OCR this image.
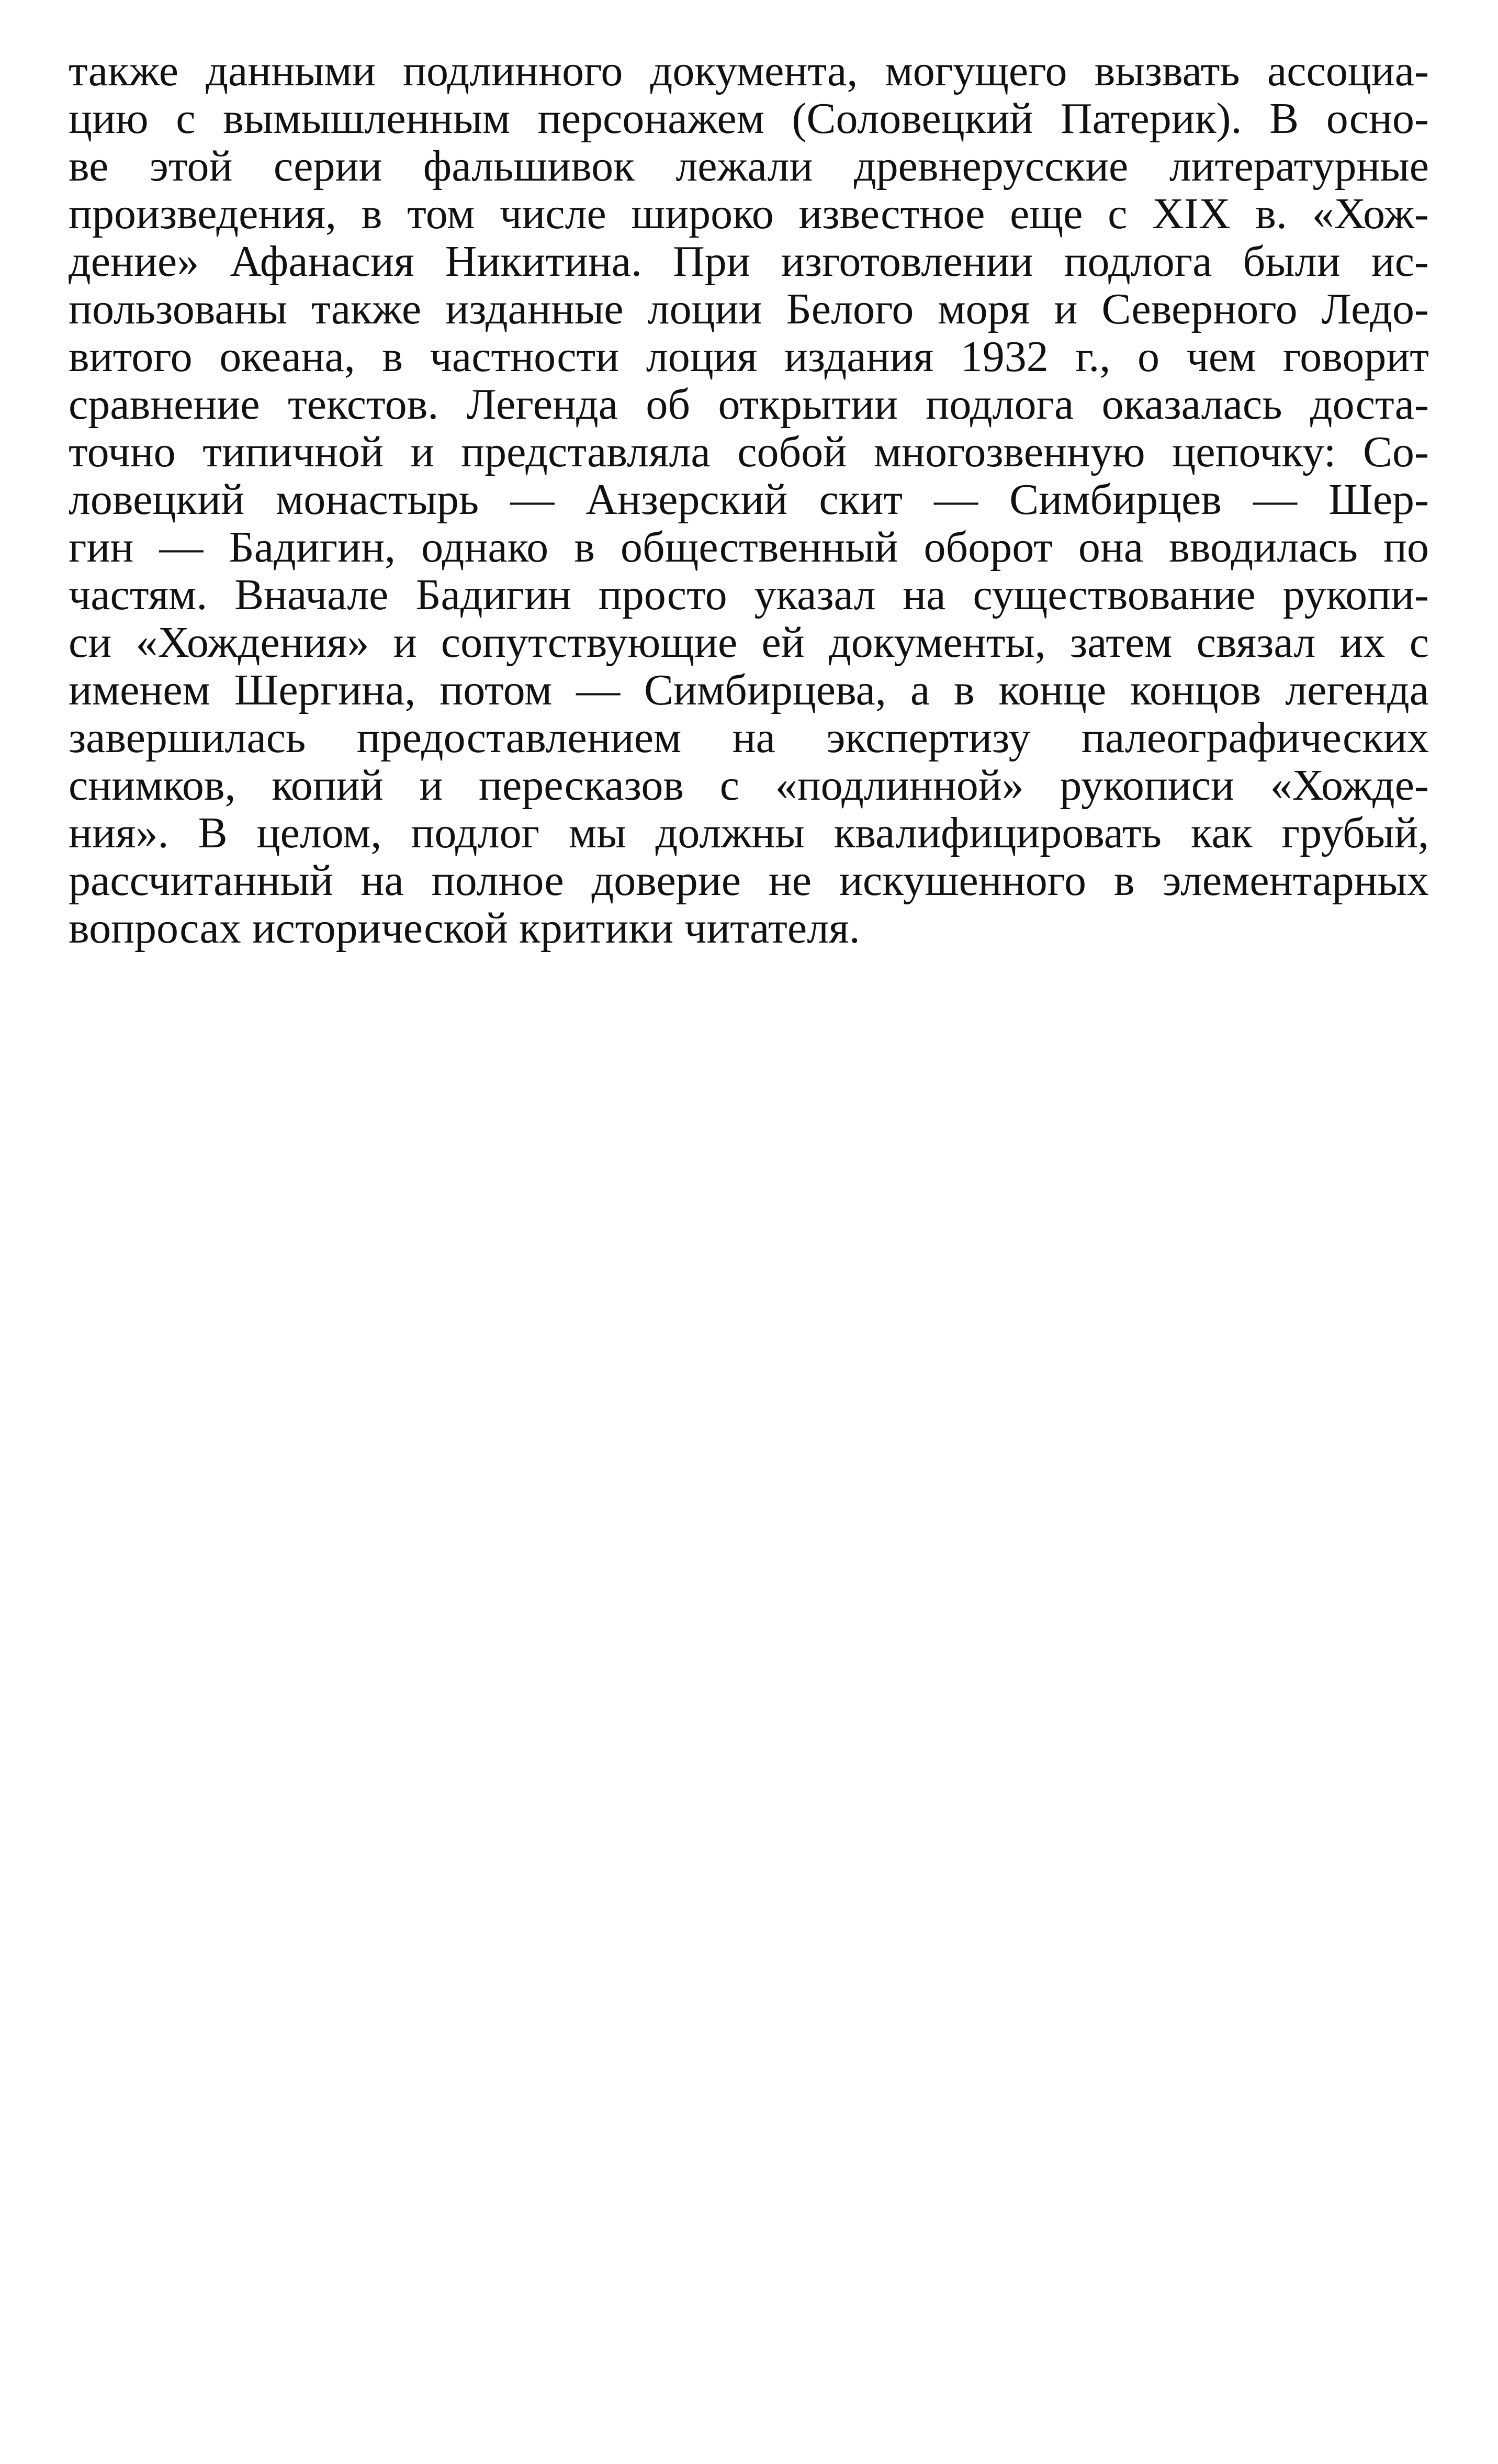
также данными подлинного документа, могущего вызвать ассоциа-
цию с вымышленным персонажем (Соловецкий Патерик). В осно-
ве этой серии фальшивок лежали древнерусские литературные
произведения, в том числе широко известное еще с XIX в. «Хож-
дение» Афанасия Никитина. При изготовлении подлога были ис-
пользованы также изданные лоции Белого моря и Северного Ледо-
витого океана, в частности лоция издания 1932 г., о чем говорит
сравнение текстов. Легенда об открытии подлога оказалась доста-
точно типичной и представляла собой многозвенную цепочку: Со-
ловецкий монастырь — Анзерский скит — Симбирцев — Шер-
гин — Бадигин, однако в общественный оборот она вводилась по
частям. Вначале Бадигин просто указал на существование рукопи-
си «Хождения» и сопутствующие ей документы, затем связал их с
именем Шергина, потом — Симбирцева, а в конце концов легенда
завершилась предоставлением на экспертизу палеографических
снимков, копий и пересказов с «подлинной» рукописи «Хожде-
ния». В целом, подлог мы должны квалифицировать как грубый,
рассчитанный на полное доверие не искушенного в элементарных
вопросах исторической критики читателя.
